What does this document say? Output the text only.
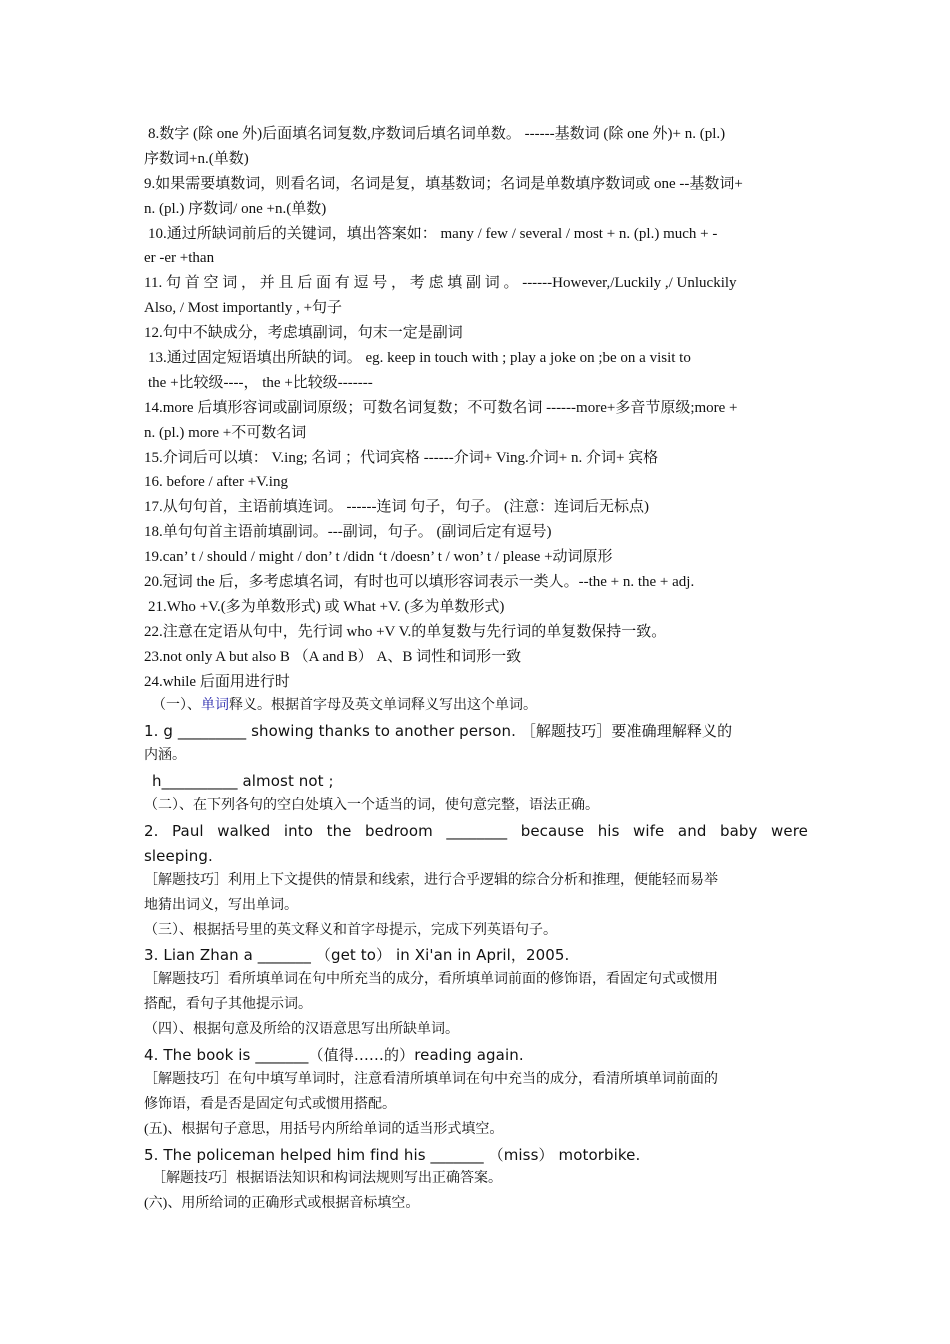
8.数字 (除 one 外)后面填名词复数,序数词后填名词单数。 ------基数词 (除 one 外)+ n. (pl.)
序数词+n.(单数)
9.如果需要填数词，则看名词，名词是复，填基数词；名词是单数填序数词或 one --基数词+
n. (pl.) 序数词/ one +n.(单数)
10.通过所缺词前后的关键词，填出答案如： many / few / several / most + n. (pl.) much + -
er -er +than
11. 句 首 空 词 ， 并 且 后 面 有 逗 号 ， 考 虑 填 副 词 。 ------However,/Luckily ,/ Unluckily
Also, / Most importantly , +句子
12.句中不缺成分，考虑填副词，句末一定是副词
13.通过固定短语填出所缺的词。 eg. keep in touch with ; play a joke on ;be on a visit to
the +比较级----， the +比较级-------
14.more 后填形容词或副词原级；可数名词复数；不可数名词 ------more+多音节原级;more +
n. (pl.) more +不可数名词
15.介词后可以填： V.ing; 名词 ；代词宾格 ------介词+ Ving.介词+ n. 介词+ 宾格
16. before / after +V.ing
17.从句句首，主语前填连词。 ------连词 句子，句子。 (注意：连词后无标点)
18.单句句首主语前填副词。---副词，句子。 (副词后定有逗号)
19.can’ t / should / might / don’ t /didn ‘t /doesn’ t / won’ t / please +动词原形
20.冠词 the 后，多考虑填名词，有时也可以填形容词表示一类人。--the + n. the + adj.
21.Who +V.(多为单数形式) 或 What +V. (多为单数形式)
22.注意在定语从句中，先行词 who +V V.的单复数与先行词的单复数保持一致。
23.not only A but also B （A and B） A、B 词性和词形一致
24.while 后面用进行时
（一）、单词释义。根据首字母及英文单词释义写出这个单词。
1. g _________ showing thanks to another person. ［解题技巧］要准确理解释义的
内涵。
h__________ almost not ;
（二）、在下列各句的空白处填入一个适当的词，使句意完整，语法正确。
2. Paul walked into the bedroom ________ because his wife and baby were
sleeping.
［解题技巧］利用上下文提供的情景和线索，进行合乎逻辑的综合分析和推理，便能轻而易举
地猜出词义，写出单词。
（三）、根据括号里的英文释义和首字母提示，完成下列英语句子。
3. Lian Zhan a _______ （get to） in Xi'an in April，2005.
［解题技巧］看所填单词在句中所充当的成分，看所填单词前面的修饰语，看固定句式或惯用
搭配，看句子其他提示词。
（四）、根据句意及所给的汉语意思写出所缺单词。
4. The book is _______（值得……的）reading again.
［解题技巧］在句中填写单词时，注意看清所填单词在句中充当的成分，看清所填单词前面的
修饰语，看是否是固定句式或惯用搭配。
(五)、根据句子意思，用括号内所给单词的适当形式填空。
5. The policeman helped him find his _______ （miss） motorbike.
［解题技巧］根据语法知识和构词法规则写出正确答案。
(六)、用所给词的正确形式或根据音标填空。
